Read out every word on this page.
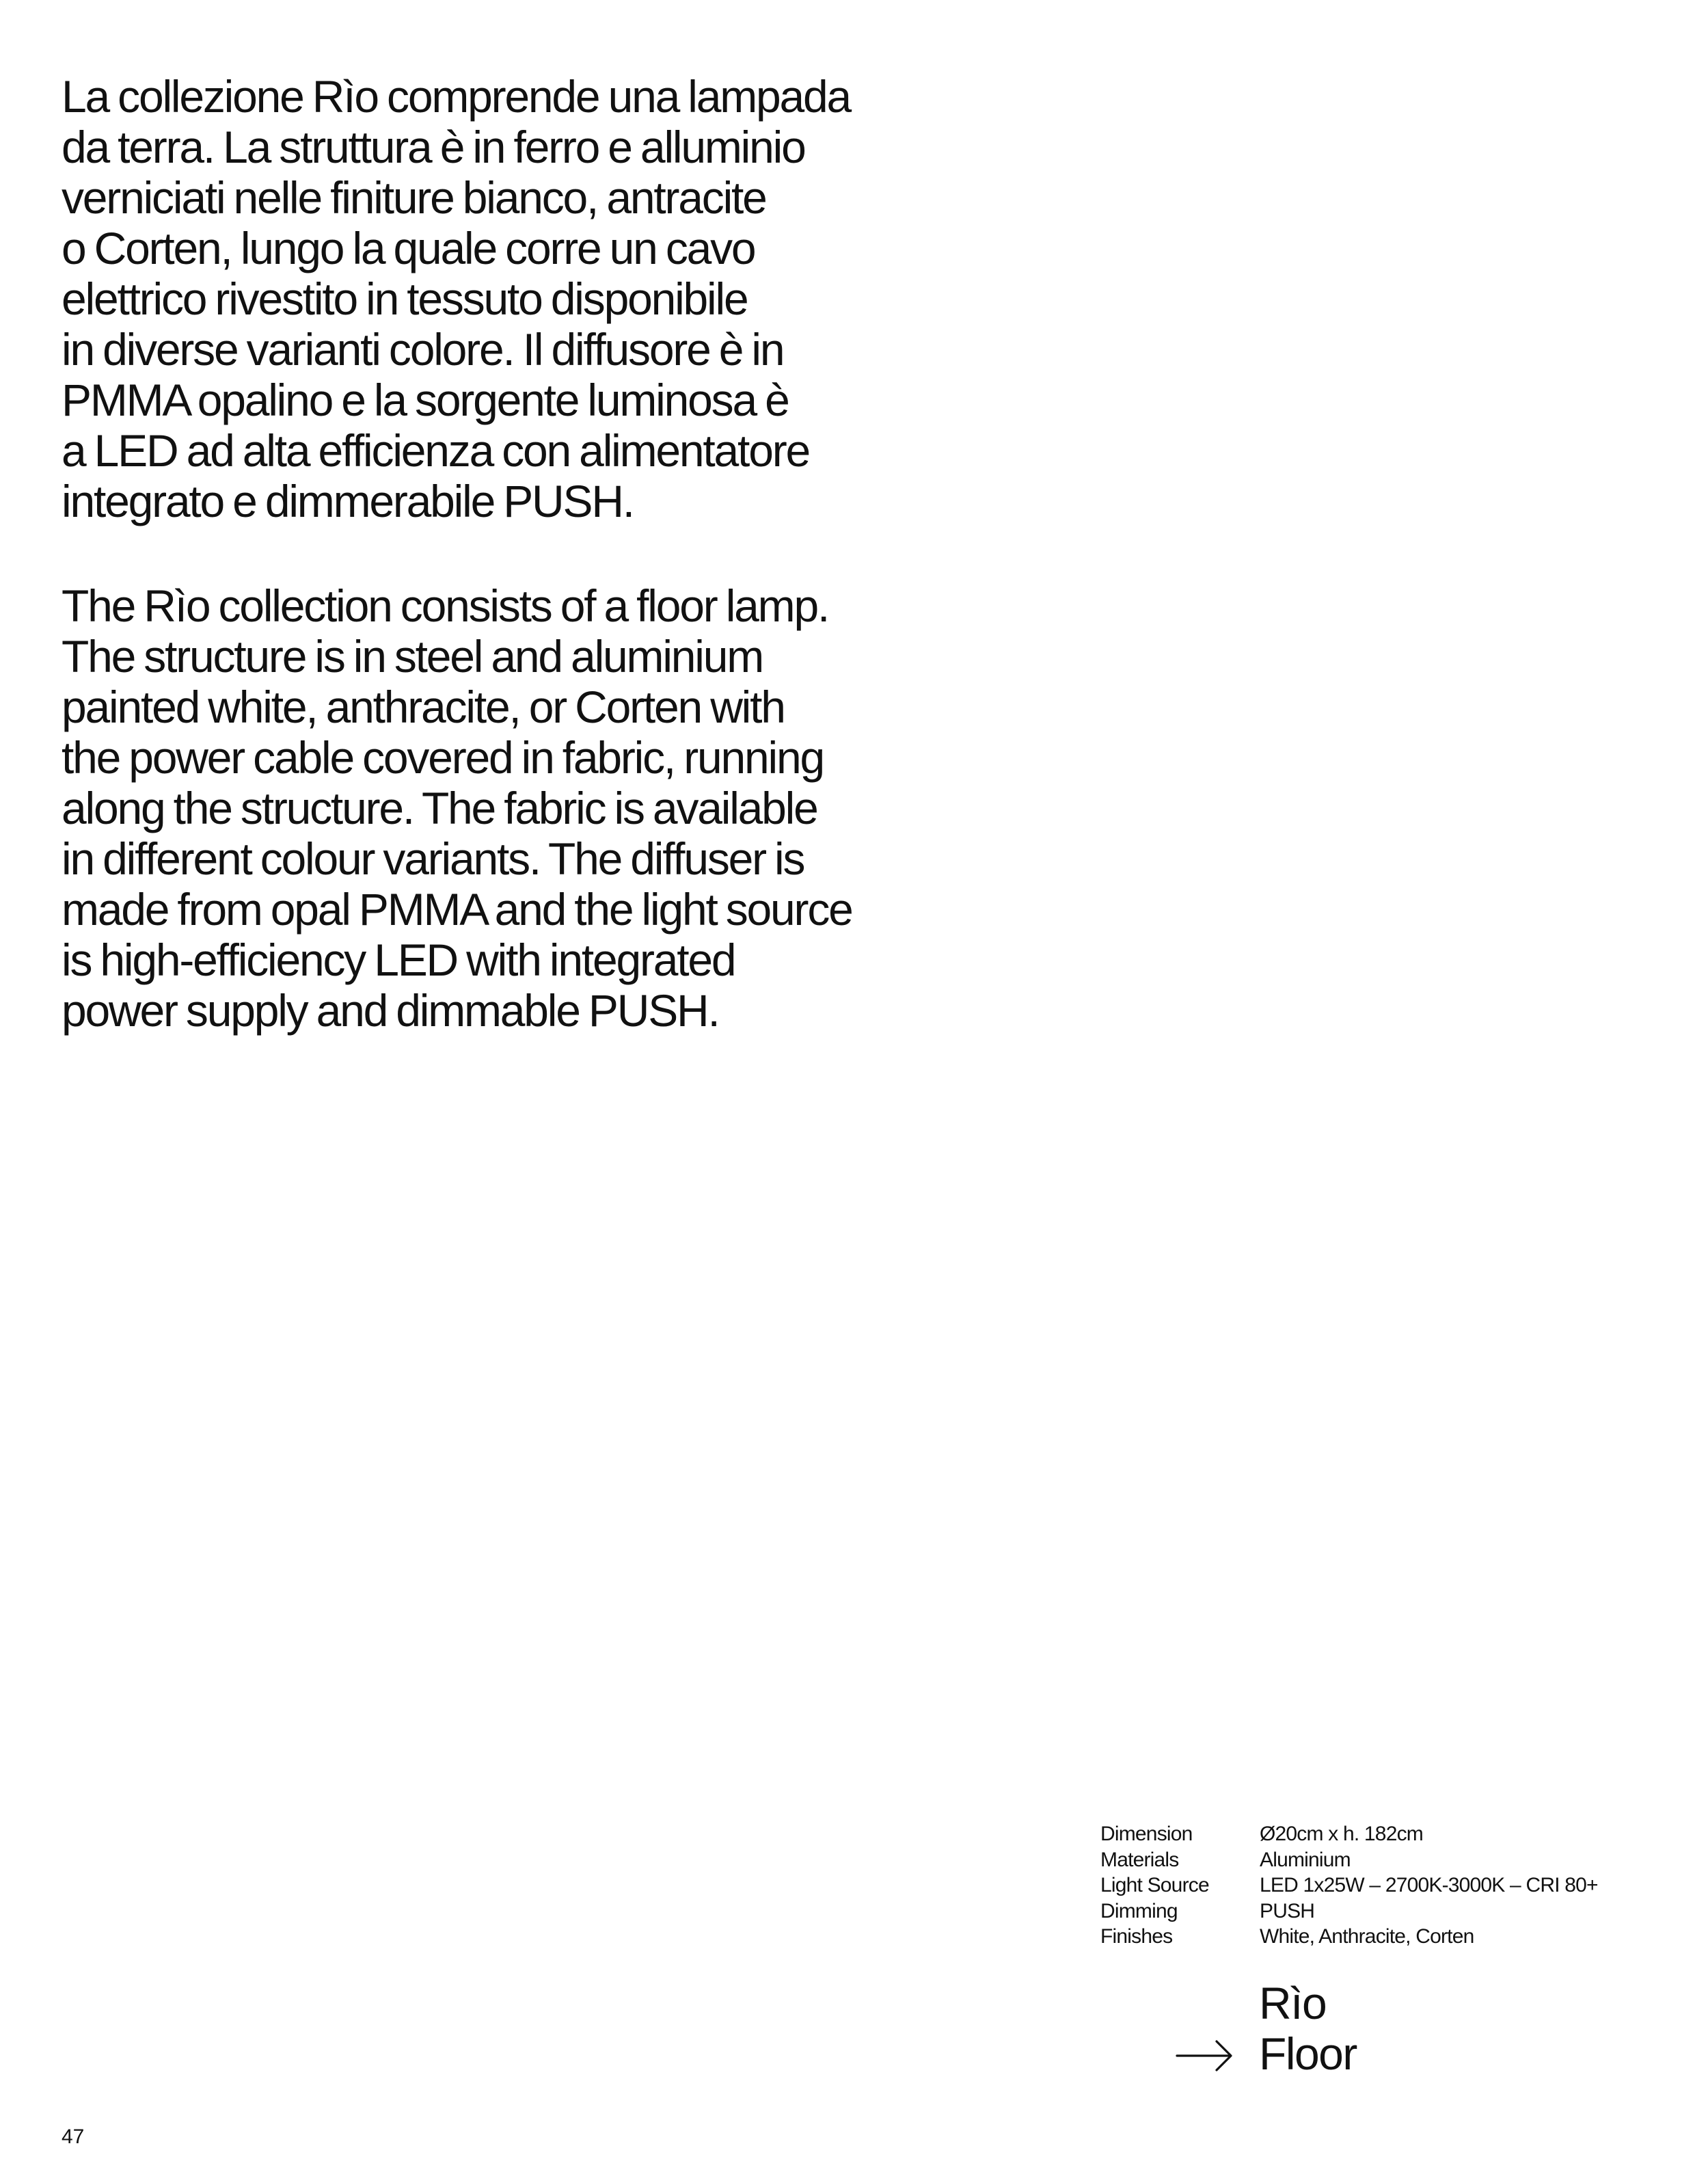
La collezione Rìo comprende una lampada
da terra. La struttura è in ferro e alluminio
verniciati nelle finiture bianco, antracite
o Corten, lungo la quale corre un cavo
elettrico rivestito in tessuto disponibile
in diverse varianti colore. Il diffusore è in
PMMA opalino e la sorgente luminosa è
a LED ad alta efficienza con alimentatore
integrato e dimmerabile PUSH.
The Rìo collection consists of a floor lamp.
The structure is in steel and aluminium
painted white, anthracite, or Corten with
the power cable covered in fabric, running
along the structure. The fabric is available
in different colour variants. The diffuser is
made from opal PMMA and the light source
is high-efficiency LED with integrated
power supply and dimmable PUSH.
Dimension	Ø20cm x h. 182cm
Materials	Aluminium
Light Source	LED 1x25W – 2700K-3000K – CRI 80+
Dimming	PUSH
Finishes	White, Anthracite, Corten
Rìo
Floor
47
